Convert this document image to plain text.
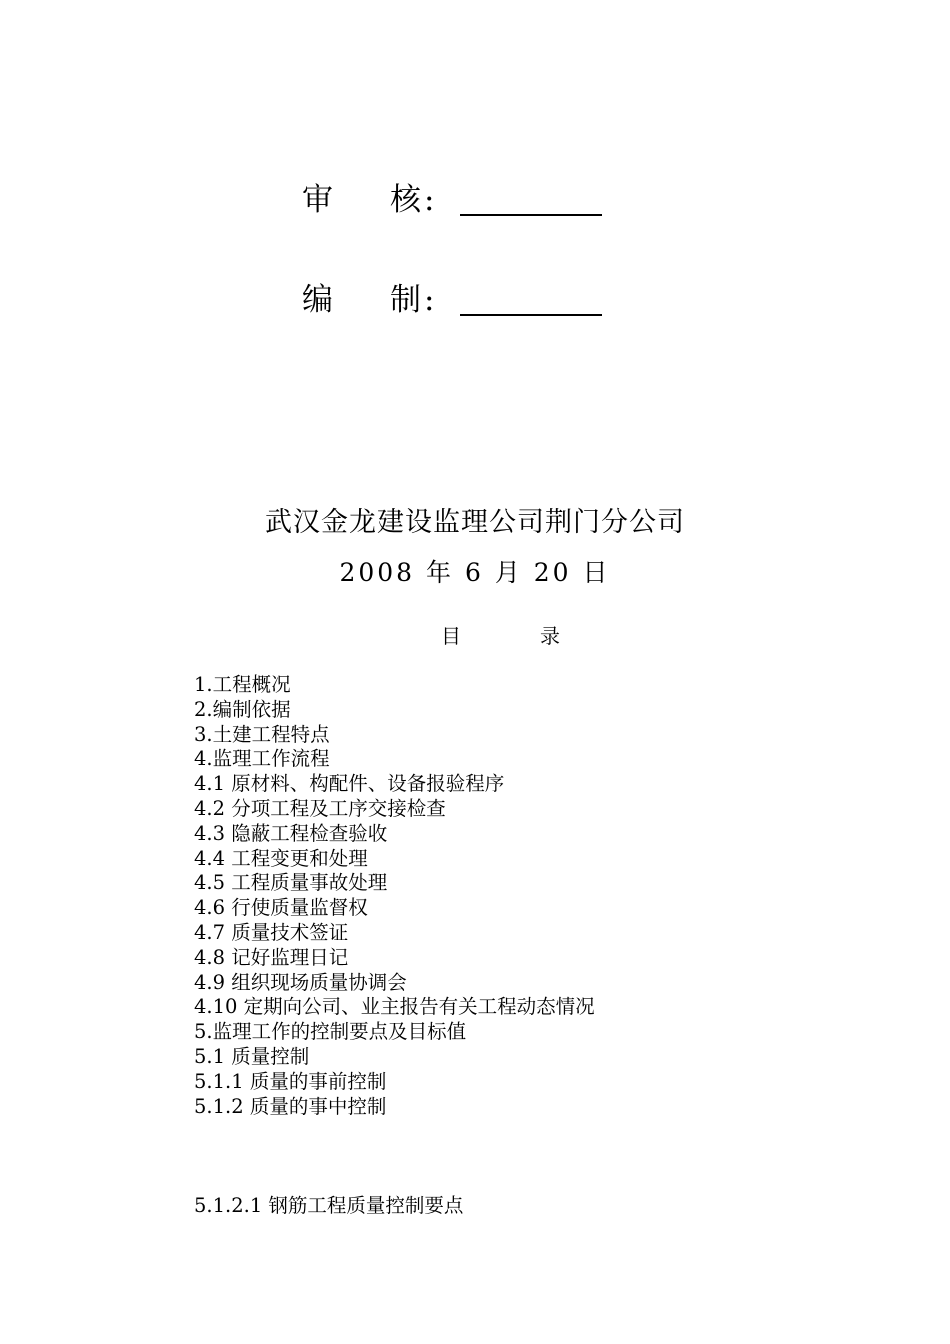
审 核 :
编 制 :
武汉金龙建设监理公司荆门分公司
2008 年 6 月 20 日
目	录
1.工程概况
2.编制依据
3.土建工程特点
4.监理工作流程
4.1 原材料、构配件、设备报验程序
4.2 分项工程及工序交接检查
4.3 隐蔽工程检查验收
4.4 工程变更和处理
4.5 工程质量事故处理
4.6 行使质量监督权
4.7 质量技术签证
4.8 记好监理日记
4.9 组织现场质量协调会
4.10 定期向公司、业主报告有关工程动态情况
5.监理工作的控制要点及目标值
5.1 质量控制
5.1.1 质量的事前控制
5.1.2 质量的事中控制
5.1.2.1 钢筋工程质量控制要点
